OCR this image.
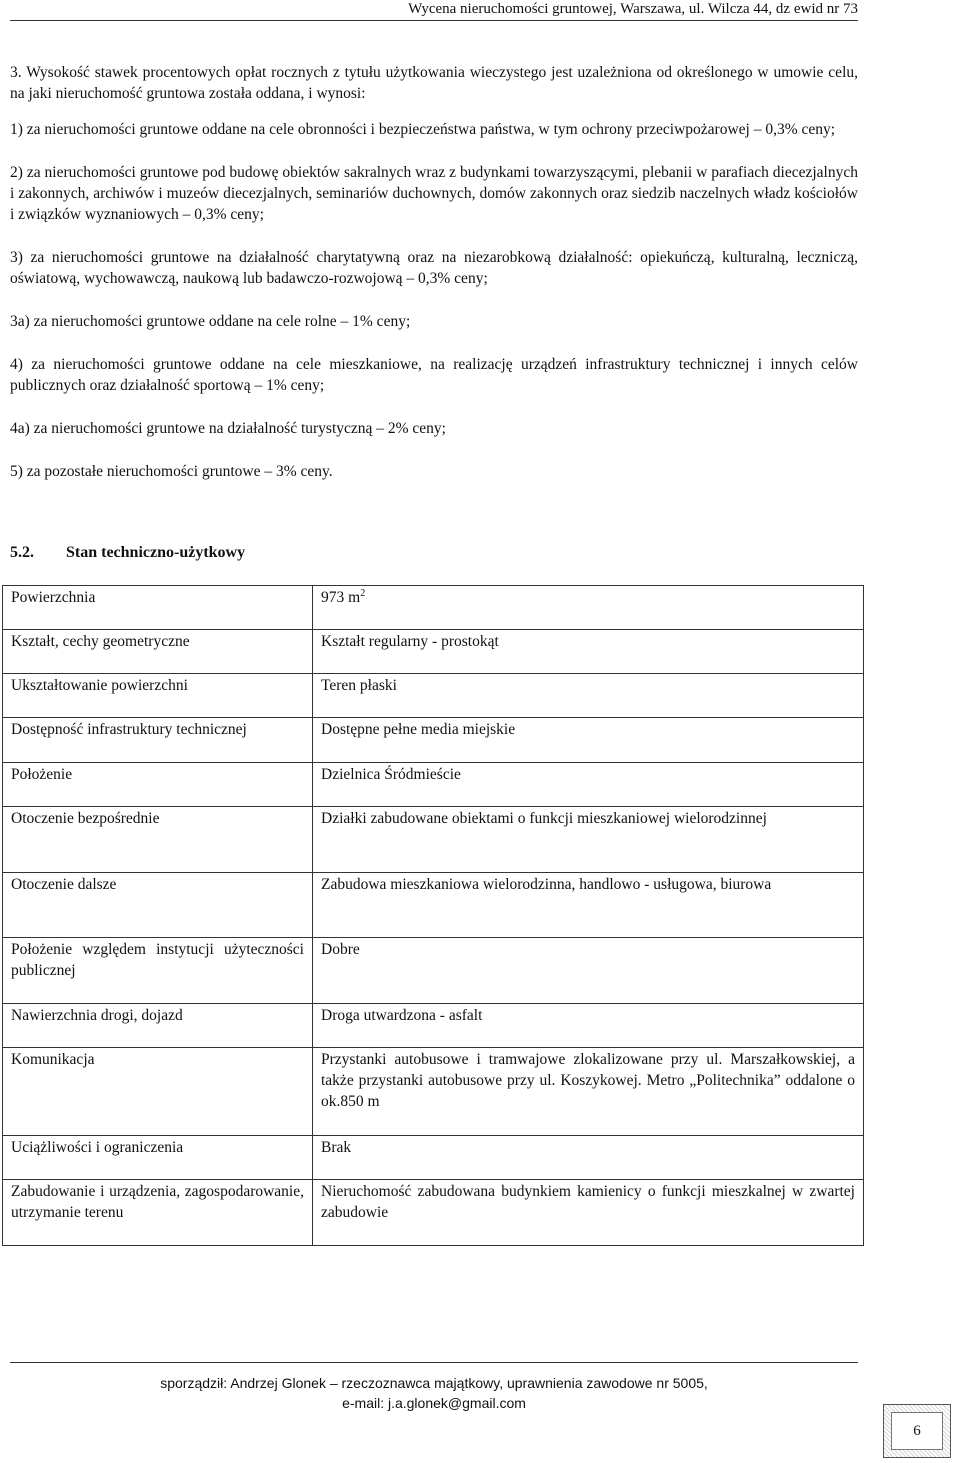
Wycena nieruchomości gruntowej, Warszawa, ul. Wilcza 44, dz ewid nr 73

3. Wysokość stawek procentowych opłat rocznych z tytułu użytkowania wieczystego jest uzależniona od określonego w umowie celu, na jaki nieruchomość gruntowa została oddana, i wynosi:

1) za nieruchomości gruntowe oddane na cele obronności i bezpieczeństwa państwa, w tym ochrony przeciwpożarowej – 0,3% ceny;

2) za nieruchomości gruntowe pod budowę obiektów sakralnych wraz z budynkami towarzyszącymi, plebanii w parafiach diecezjalnych i zakonnych, archiwów i muzeów diecezjalnych, seminariów duchownych, domów zakonnych oraz siedzib naczelnych władz kościołów i związków wyznaniowych – 0,3% ceny;

3) za nieruchomości gruntowe na działalność charytatywną oraz na niezarobkową działalność: opiekuńczą, kulturalną, leczniczą, oświatową, wychowawczą, naukową lub badawczo-rozwojową – 0,3% ceny;

3a) za nieruchomości gruntowe oddane na cele rolne – 1% ceny;

4) za nieruchomości gruntowe oddane na cele mieszkaniowe, na realizację urządzeń infrastruktury technicznej i innych celów publicznych oraz działalność sportową – 1% ceny;

4a) za nieruchomości gruntowe na działalność turystyczną – 2% ceny;

5) za pozostałe nieruchomości gruntowe – 3% ceny.

5.2. Stan techniczno-użytkowy
Powierzchnia	973 $m^2$
Kształt, cechy geometryczne	Kształt regularny - prostokąt
Ukształtowanie powierzchni	Teren płaski
Dostępność infrastruktury technicznej	Dostępne pełne media miejskie
Położenie	Dzielnica Śródmieście
Otoczenie bezpośrednie	Działki zabudowane obiektami o funkcji mieszkaniowej wielorodzinnej
Otoczenie dalsze	Zabudowa mieszkaniowa wielorodzinna, handlowo - usługowa, biurowa
Położenie względem instytucji użyteczności publicznej	Dobre
Nawierzchnia drogi, dojazd	Droga utwardzona - asfalt
Komunikacja	Przystanki autobusowe i tramwajowe zlokalizowane przy ul. Marszałkowskiej, a także przystanki autobusowe przy ul. Koszykowej. Metro „Politechnika” oddalone o ok.850 m
Uciążliwości i ograniczenia	Brak
Zabudowanie i urządzenia, zagospodarowanie, utrzymanie terenu	Nieruchomość zabudowana budynkiem kamienicy o funkcji mieszkalnej w zwartej zabudowie
sporządził: Andrzej Glonek – rzeczoznawca majątkowy, uprawnienia zawodowe nr 5005,
e-mail: j.a.glonek@gmail.com
6
